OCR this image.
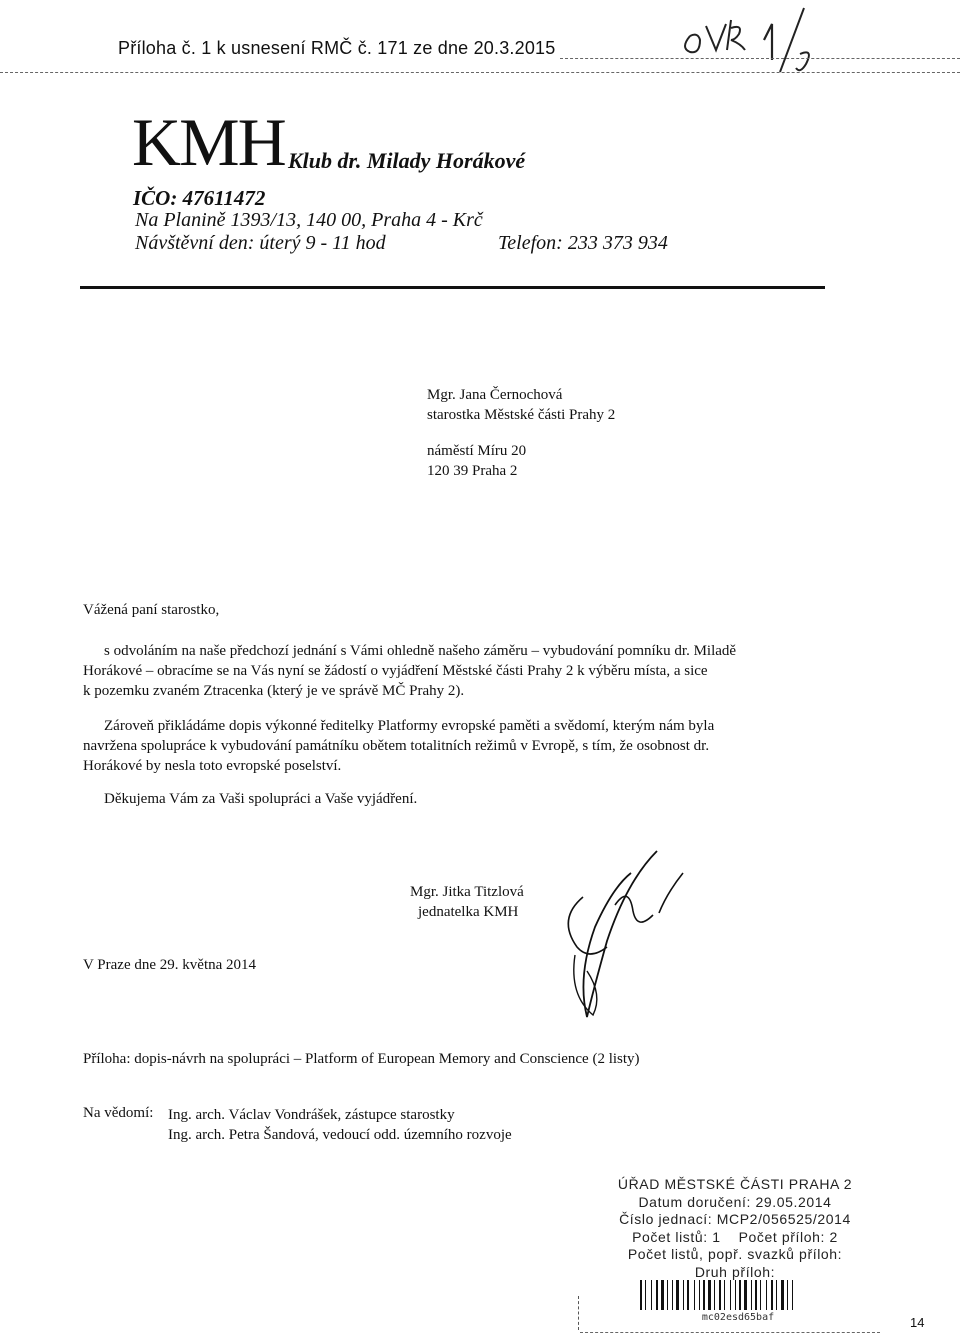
Příloha č. 1 k usnesení RMČ č. 171 ze dne 20.3.2015
KMH Klub dr. Milady Horákové
IČO: 47611472
Na Planině 1393/13, 140 00, Praha 4 - Krč
Návštěvní den: úterý 9 - 11 hod	Telefon: 233 373 934
Mgr. Jana Černochová
starostka Městské části Prahy 2
náměstí Míru 20
120 39 Praha 2
Vážená paní starostko,
s odvoláním na naše předchozí jednání s Vámi ohledně našeho záměru – vybudování pomníku dr. Miladě
Horákové – obracíme se na Vás nyní se žádostí o vyjádření Městské části Prahy 2 k výběru místa, a sice
k pozemku zvaném Ztracenka (který je ve správě MČ Prahy 2).
Zároveň přikládáme dopis výkonné ředitelky Platformy evropské paměti a svědomí, kterým nám byla
navržena spolupráce k vybudování památníku obětem totalitních režimů v Evropě, s tím, že osobnost dr.
Horákové by nesla toto evropské poselství.
Děkujema Vám za Vaši spolupráci a Vaše vyjádření.
Mgr. Jitka Titzlová
jednatelka KMH
V Praze dne 29. května 2014
Příloha: dopis-návrh na spolupráci – Platform of European Memory and Conscience (2 listy)
Na vědomí: Ing. arch. Václav Vondrášek, zástupce starostky
Ing. arch. Petra Šandová, vedoucí odd. územního rozvoje
ÚŘAD MĚSTSKÉ ČÁSTI PRAHA 2
Datum doručení: 29.05.2014
Číslo jednací: MCP2/056525/2014
Počet listů: 1    Počet příloh: 2
Počet listů, popř. svazků příloh:
Druh příloh:
mc02esd65baf	14
